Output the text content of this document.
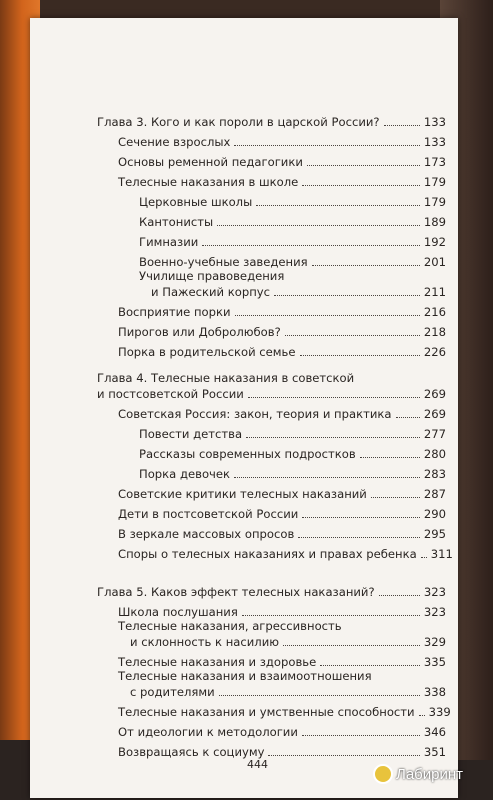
Глава 3. Кого и как пороли в царской России?	133
Сечение взрослых	133
Основы ременной педагогики	173
Телесные наказания в школе	179
Церковные школы	179
Кантонисты	189
Гимназии	192
Военно-учебные заведения	201
Училище правоведения
и Пажеский корпус	211
Восприятие порки	216
Пирогов или Добролюбов?	218
Порка в родительской семье	226
Глава 4. Телесные наказания в советской
и постсоветской России	269
Советская Россия: закон, теория и практика	269
Повести детства	277
Рассказы современных подростков	280
Порка девочек	283
Советские критики телесных наказаний	287
Дети в постсоветской России	290
В зеркале массовых опросов	295
Споры о телесных наказаниях и правах ребенка 311
Глава 5. Каков эффект телесных наказаний?	323
Школа послушания	323
Телесные наказания, агрессивность
и склонность к насилию	329
Телесные наказания и здоровье	335
Телесные наказания и взаимоотношения
с родителями	338
Телесные наказания и умственные способности 339
От идеологии к методологии	346
Возвращаясь к социуму	351
444
Лабиринт
